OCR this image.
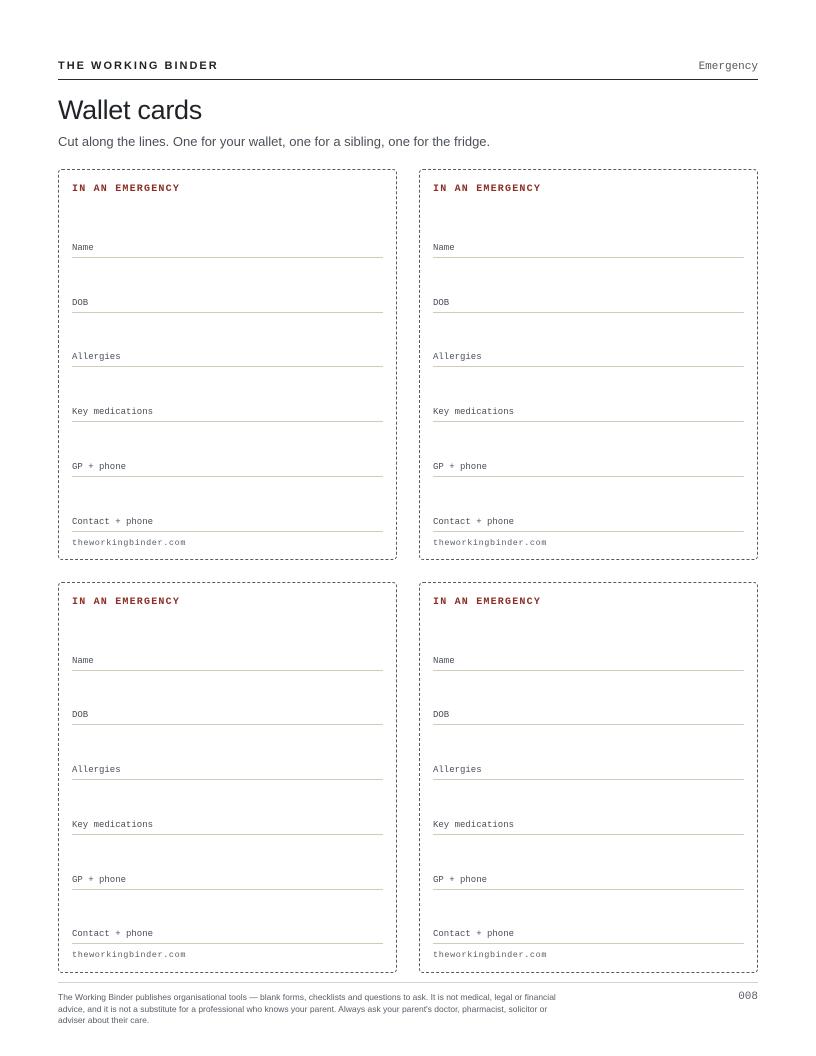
THE WORKING BINDER	Emergency
Wallet cards

Cut along the lines. One for your wallet, one for a sibling, one for the fridge.

IN AN EMERGENCY
Name
DOB
Allergies
Key medications
GP + phone
Contact + phone
theworkingbinder.com
IN AN EMERGENCY
Name
DOB
Allergies
Key medications
GP + phone
Contact + phone
theworkingbinder.com
IN AN EMERGENCY
Name
DOB
Allergies
Key medications
GP + phone
Contact + phone
theworkingbinder.com
IN AN EMERGENCY
Name
DOB
Allergies
Key medications
GP + phone
Contact + phone
theworkingbinder.com

The Working Binder publishes organisational tools — blank forms, checklists and questions to ask. It is not medical, legal or financial advice, and it is not a substitute for a professional who knows your parent. Always ask your parent's doctor, pharmacist, solicitor or adviser about their care.

008
